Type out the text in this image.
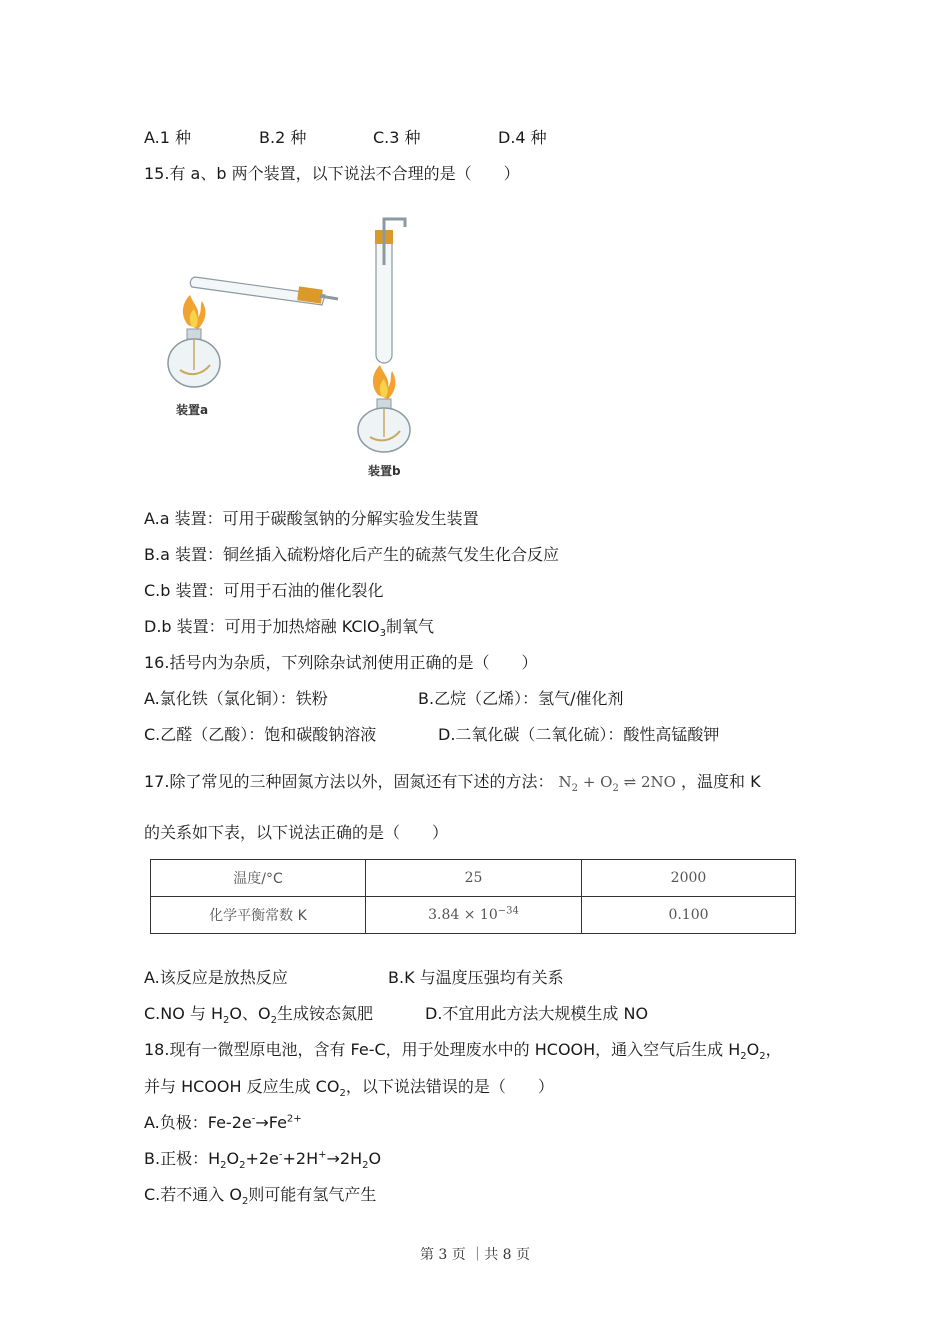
A.1 种	B.2 种	C.3 种	D.4 种
15.有 a、b 两个装置，以下说法不合理的是（　　）
装置a
装置b
A.a 装置：可用于碳酸氢钠的分解实验发生装置
B.a 装置：铜丝插入硫粉熔化后产生的硫蒸气发生化合反应
C.b 装置：可用于石油的催化裂化
D.b 装置：可用于加热熔融 KClO$_3$制氧气
16.括号内为杂质，下列除杂试剂使用正确的是（　　）
A.氯化铁（氯化铜）：铁粉	B.乙烷（乙烯）：氢气/催化剂
C.乙醛（乙酸）：饱和碳酸钠溶液	D.二氧化碳（二氧化硫）：酸性高锰酸钾
17.除了常见的三种固氮方法以外，固氮还有下述的方法： $N_2 + O_2$ ⇌ 2NO ，温度和 K
的关系如下表，以下说法正确的是（　　）
温度/°C	25	2000
化学平衡常数 K	$3.84 \times 10^{-34}$	0.100
A.该反应是放热反应	B.K 与温度压强均有关系
C.NO 与 $H_2O$、$O_2$生成铵态氮肥	D.不宜用此方法大规模生成 NO
18.现有一微型原电池，含有 Fe-C，用于处理废水中的 HCOOH，通入空气后生成 $H_2O_2$，
并与 HCOOH 反应生成 $CO_2$，以下说法错误的是（　　）
A.负极：$Fe-2e^-\to Fe^{2+}$
B.正极：$H_2O_2+2e^-+2H^+\to 2H_2O$
C.若不通入 $O_2$则可能有氢气产生
第 3 页 ｜共 8 页
